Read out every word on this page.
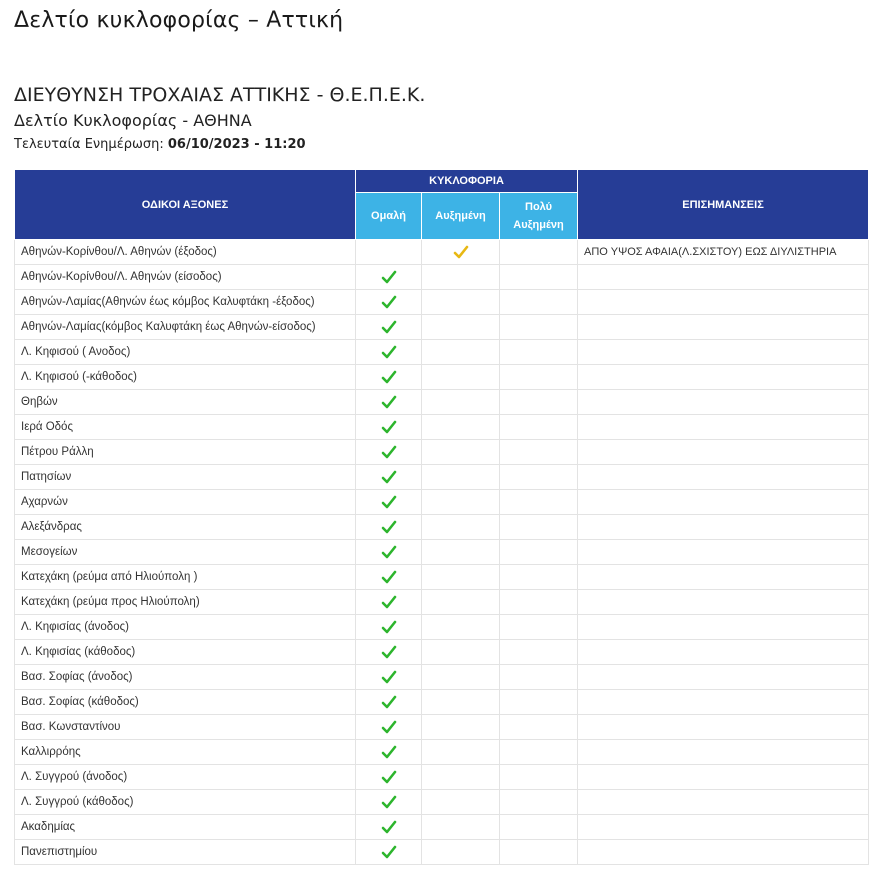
Δελτίο κυκλοφορίας – Αττική
ΔΙΕΥΘΥΝΣΗ ΤΡΟΧΑΙΑΣ ΑΤΤΙΚΗΣ - Θ.Ε.Π.Ε.Κ.
Δελτίο Κυκλοφορίας - ΑΘΗΝΑ

Τελευταία Ενημέρωση: 06/10/2023 - 11:20

ΟΔΙΚΟΙ ΑΞΟΝΕΣ	ΚΥΚΛΟΦΟΡΙΑ			ΕΠΙΣΗΜΑΝΣΕΙΣ
	Ομαλή	Αυξημένη	Πολύ Αυξημένη	
Αθηνών-Κορίνθου/Λ. Αθηνών (έξοδος)				ΑΠΟ ΥΨΟΣ ΑΦΑΙΑ(Λ.ΣΧΙΣΤΟΥ) ΕΩΣ ΔΙΥΛΙΣΤΗΡΙΑ
Αθηνών-Κορίνθου/Λ. Αθηνών (είσοδος)				
Αθηνών-Λαμίας(Αθηνών έως κόμβος Καλυφτάκη -έξοδος)				
Αθηνών-Λαμίας(κόμβος Καλυφτάκη έως Αθηνών-είσοδος)				
Λ. Κηφισού ( Ανοδος)				
Λ. Κηφισού (-κάθοδος)				
Θηβών				
Ιερά Οδός				
Πέτρου Ράλλη				
Πατησίων				
Αχαρνών				
Αλεξάνδρας				
Μεσογείων				
Κατεχάκη (ρεύμα από Ηλιούπολη )				
Κατεχάκη (ρεύμα προς Ηλιούπολη)				
Λ. Κηφισίας (άνοδος)				
Λ. Κηφισίας (κάθοδος)				
Βασ. Σοφίας (άνοδος)				
Βασ. Σοφίας (κάθοδος)				
Βασ. Κωνσταντίνου				
Καλλιρρόης				
Λ. Συγγρού (άνοδος)				
Λ. Συγγρού (κάθοδος)				
Ακαδημίας				
Πανεπιστημίου				
